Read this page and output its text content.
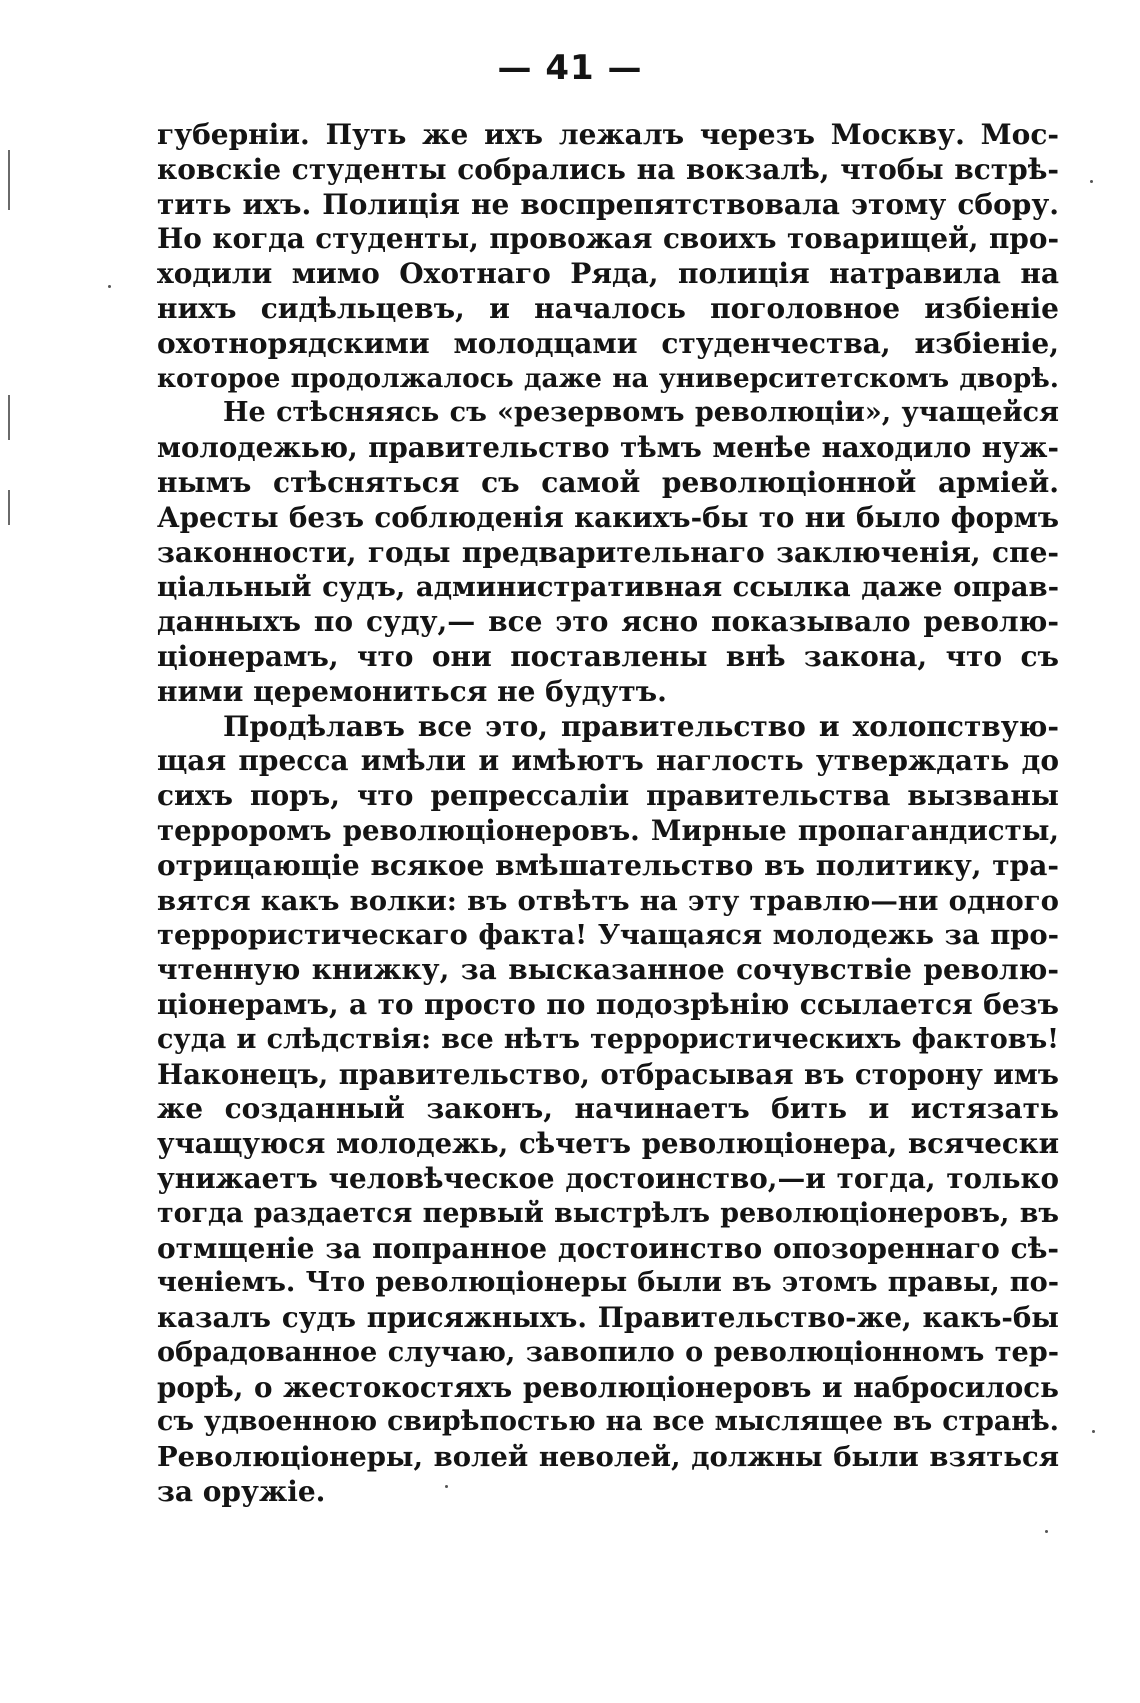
— 41 —
губерніи. Путь же ихъ лежалъ черезъ Москву. Мос-
ковскіе студенты собрались на вокзалѣ, чтобы встрѣ-
тить ихъ. Полиція не воспрепятствовала этому сбору.
Но когда студенты, провожая своихъ товарищей, про-
ходили мимо Охотнаго Ряда, полиція натравила на
нихъ сидѣльцевъ, и началось поголовное избіеніе
охотнорядскими молодцами студенчества, избіеніе,
которое продолжалось даже на университетскомъ дворѣ.
Не стѣсняясь съ «резервомъ революціи», учащейся
молодежью, правительство тѣмъ менѣе находило нуж-
нымъ стѣсняться съ самой революціонной арміей.
Аресты безъ соблюденія какихъ-бы то ни было формъ
законности, годы предварительнаго заключенія, спе-
ціальный судъ, административная ссылка даже оправ-
данныхъ по суду,— все это ясно показывало револю-
ціонерамъ, что они поставлены внѣ закона, что съ
ними церемониться не будутъ.
Продѣлавъ все это, правительство и холопствую-
щая пресса имѣли и имѣютъ наглость утверждать до
сихъ поръ, что репрессаліи правительства вызваны
терроромъ революціонеровъ. Мирные пропагандисты,
отрицающіе всякое вмѣшательство въ политику, тра-
вятся какъ волки: въ отвѣтъ на эту травлю—ни одного
террористическаго факта! Учащаяся молодежь за про-
чтенную книжку, за высказанное сочувствіе револю-
ціонерамъ, а то просто по подозрѣнію ссылается безъ
суда и слѣдствія: все нѣтъ террористическихъ фактовъ!
Наконецъ, правительство, отбрасывая въ сторону имъ
же созданный законъ, начинаетъ бить и истязать
учащуюся молодежь, сѣчетъ революціонера, всячески
унижаетъ человѣческое достоинство,—и тогда, только
тогда раздается первый выстрѣлъ революціонеровъ, въ
отмщеніе за попранное достоинство опозореннаго сѣ-
ченіемъ. Что революціонеры были въ этомъ правы, по-
казалъ судъ присяжныхъ. Правительство-же, какъ-бы
обрадованное случаю, завопило о революціонномъ тер-
рорѣ, о жестокостяхъ революціонеровъ и набросилось
съ удвоенною свирѣпостью на все мыслящее въ странѣ.
Революціонеры, волей неволей, должны были взяться
за оружіе.
